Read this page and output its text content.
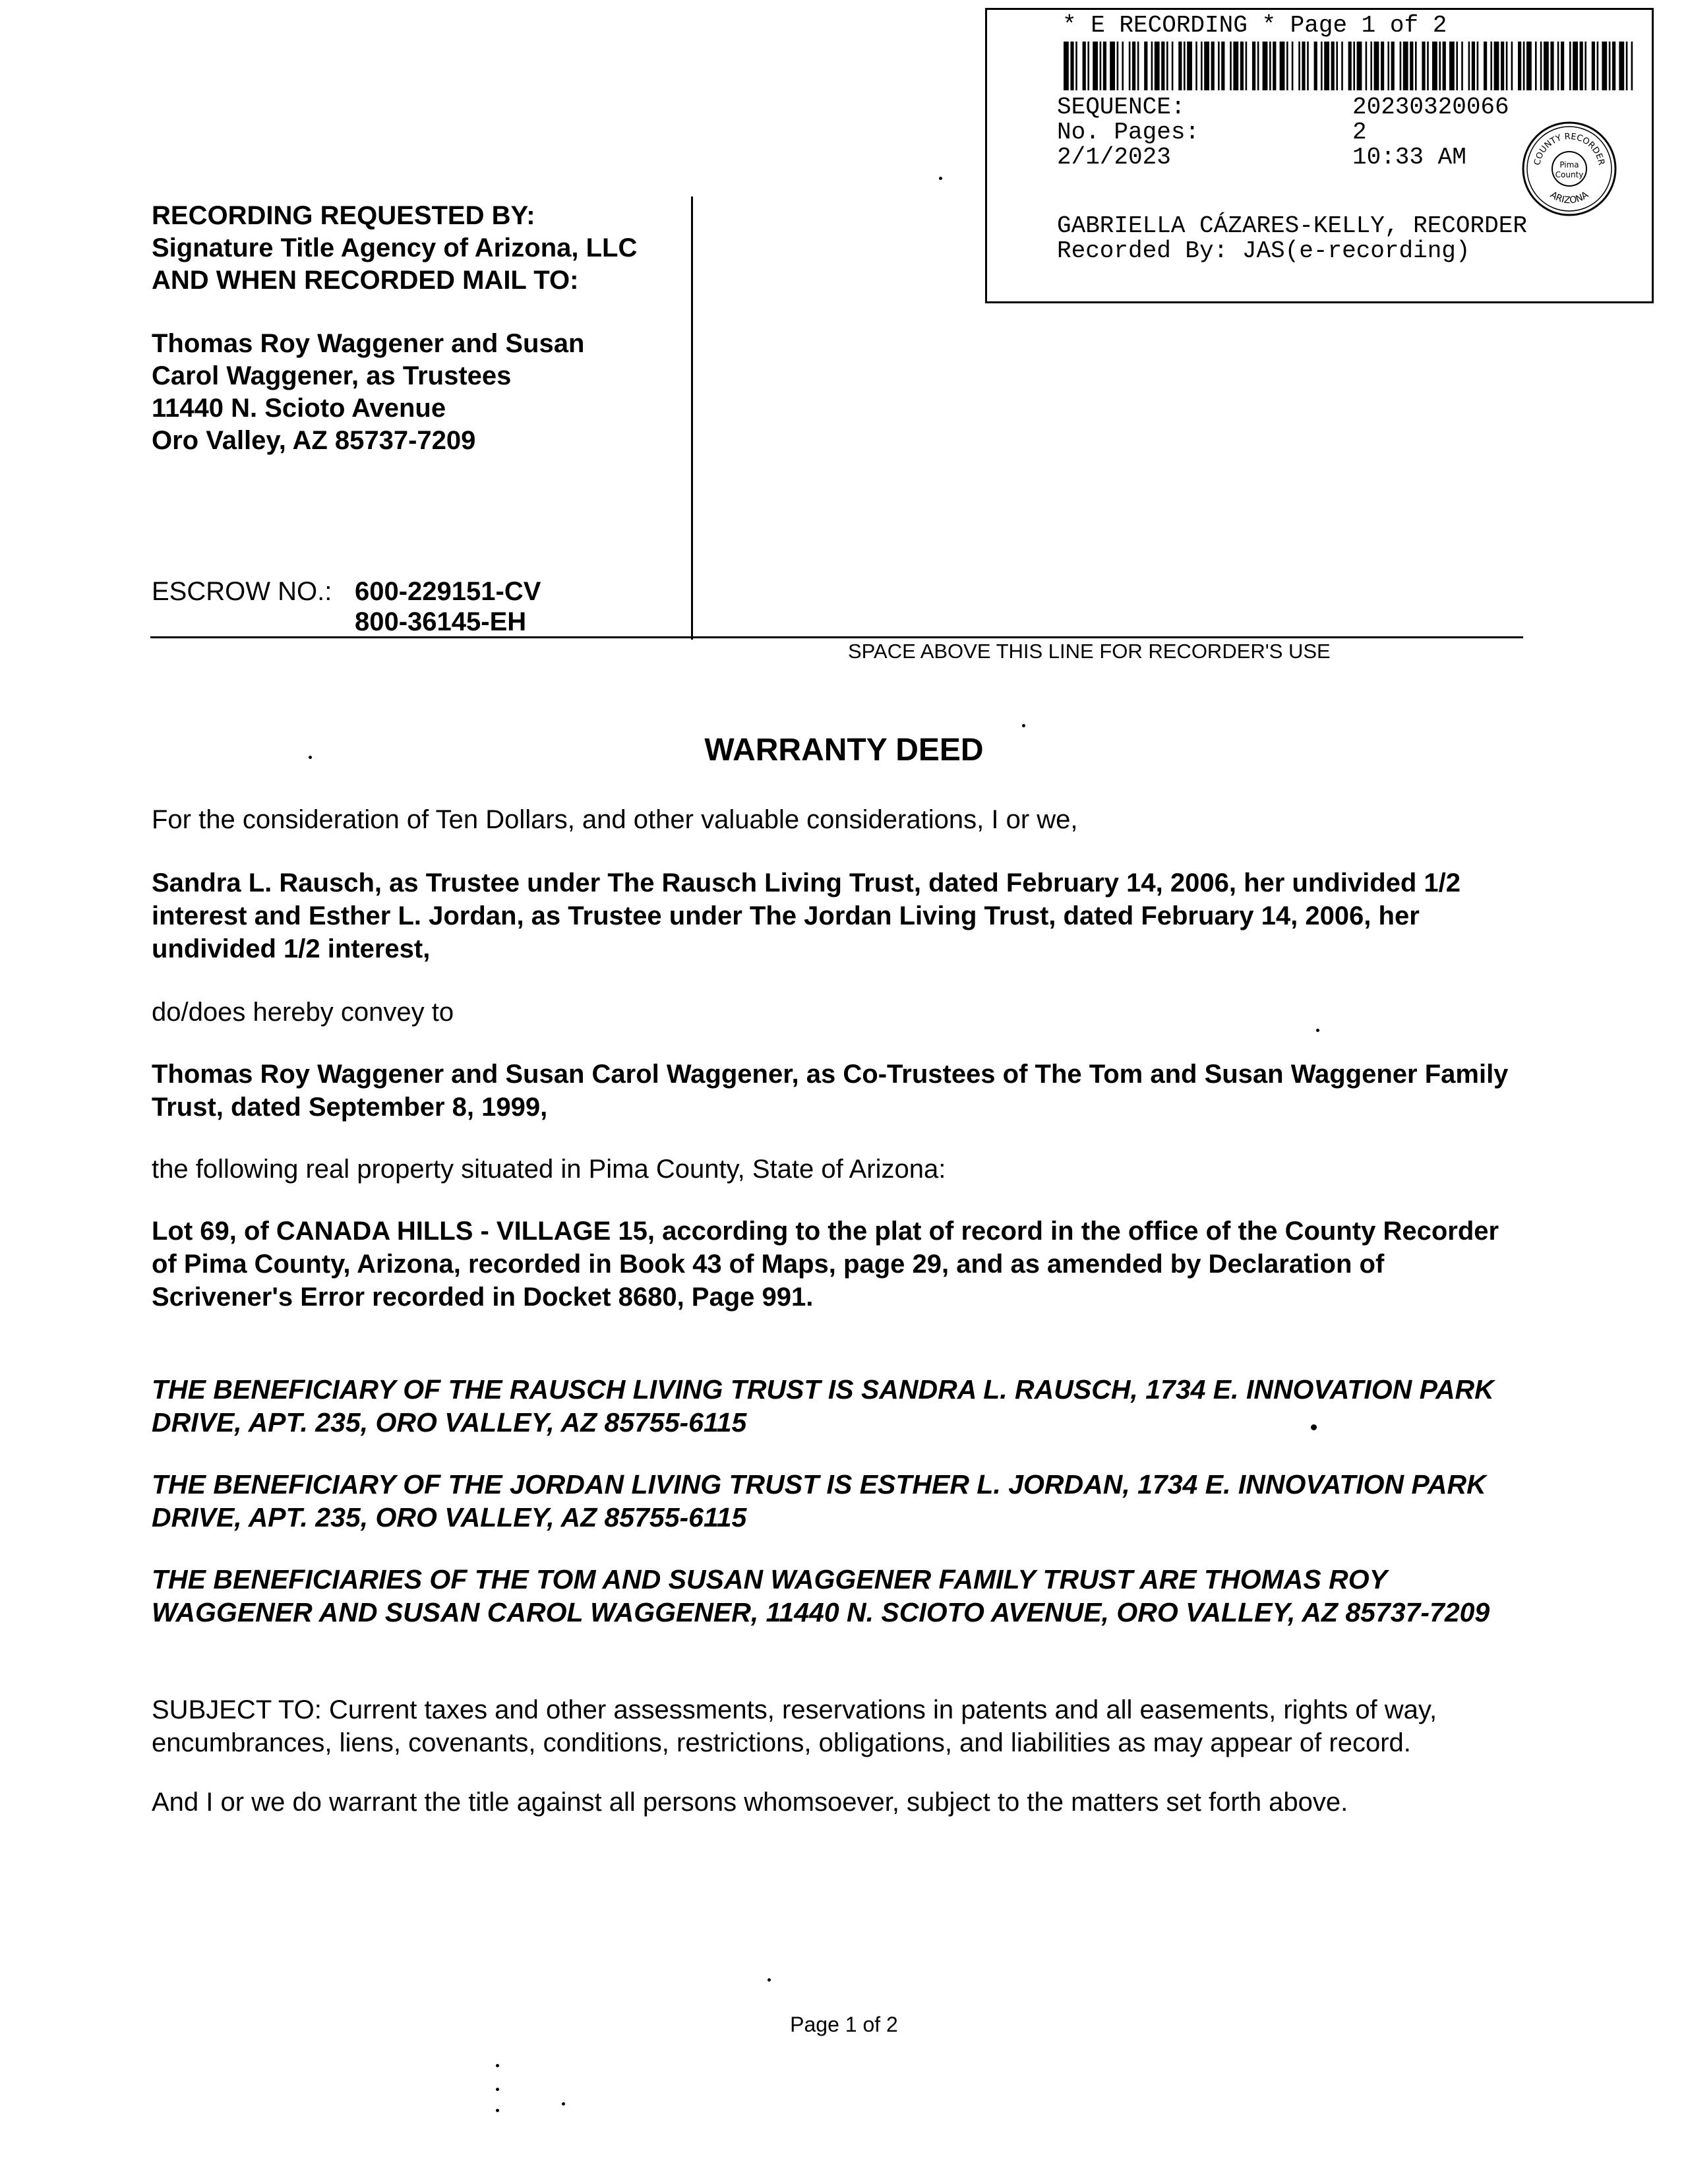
* E RECORDING * Page 1 of 2
SEQUENCE:	20230320066
No. Pages:	2
2/1/2023	10:33 AM	COUNTY RECORDER
ARIZONA
Pima
County
GABRIELLA CÁZARES-KELLY, RECORDER
Recorded By: JAS(e-recording)
RECORDING REQUESTED BY:
Signature Title Agency of Arizona, LLC
AND WHEN RECORDED MAIL TO:
Thomas Roy Waggener and Susan
Carol Waggener, as Trustees
11440 N. Scioto Avenue
Oro Valley, AZ 85737-7209
ESCROW NO.: 600-229151-CV
800-36145-EH
SPACE ABOVE THIS LINE FOR RECORDER'S USE
WARRANTY DEED
For the consideration of Ten Dollars, and other valuable considerations, I or we,
Sandra L. Rausch, as Trustee under The Rausch Living Trust, dated February 14, 2006, her undivided 1/2 interest and Esther L. Jordan, as Trustee under The Jordan Living Trust, dated February 14, 2006, her undivided 1/2 interest,
do/does hereby convey to
Thomas Roy Waggener and Susan Carol Waggener, as Co-Trustees of The Tom and Susan Waggener Family Trust, dated September 8, 1999,
the following real property situated in Pima County, State of Arizona:
Lot 69, of CANADA HILLS - VILLAGE 15, according to the plat of record in the office of the County Recorder of Pima County, Arizona, recorded in Book 43 of Maps, page 29, and as amended by Declaration of Scrivener's Error recorded in Docket 8680, Page 991.
THE BENEFICIARY OF THE RAUSCH LIVING TRUST IS SANDRA L. RAUSCH, 1734 E. INNOVATION PARK DRIVE, APT. 235, ORO VALLEY, AZ 85755-6115
THE BENEFICIARY OF THE JORDAN LIVING TRUST IS ESTHER L. JORDAN, 1734 E. INNOVATION PARK DRIVE, APT. 235, ORO VALLEY, AZ 85755-6115
THE BENEFICIARIES OF THE TOM AND SUSAN WAGGENER FAMILY TRUST ARE THOMAS ROY WAGGENER AND SUSAN CAROL WAGGENER, 11440 N. SCIOTO AVENUE, ORO VALLEY, AZ 85737-7209
SUBJECT TO: Current taxes and other assessments, reservations in patents and all easements, rights of way, encumbrances, liens, covenants, conditions, restrictions, obligations, and liabilities as may appear of record.
And I or we do warrant the title against all persons whomsoever, subject to the matters set forth above.
Page 1 of 2
